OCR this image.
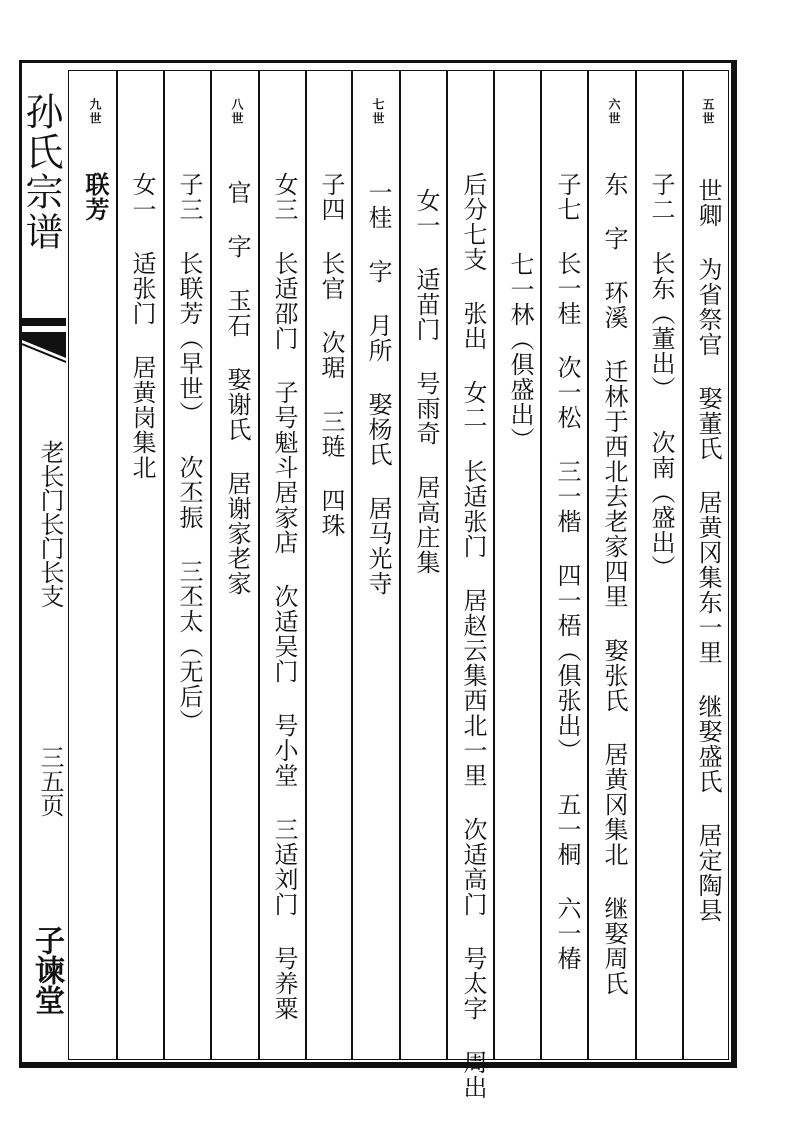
孙氏宗谱
老长门长门长支
三五页
子谏堂
五世
世卿 为省祭官 娶董氏 居黄冈集东一里 继娶盛氏 居定陶县
子二 长东（董出） 次南（盛出）
六世
东 字 环溪 迁林于西北去老家四里 娶张氏 居黄冈集北 继娶周氏
子七 长一桂 次一松 三一楷 四一梧（俱张出） 五一桐 六一椿
七一林（俱盛出）
后分七支 张出 女二 长适张门 居赵云集西北一里 次适高门 号太字 周出
女一 适苗门 号雨奇 居高庄集
七世
一桂 字 月所 娶杨氏 居马光寺
子四 长官 次琚 三琏 四珠
女三 长适邵门 子号魁斗居家店 次适吴门 号小堂 三适刘门 号养粟
八世
官 字 玉石 娶谢氏 居谢家老家
子三 长联芳（早世） 次丕振 三丕太（无后）
女一 适张门 居黄岗集北
九世
联芳
